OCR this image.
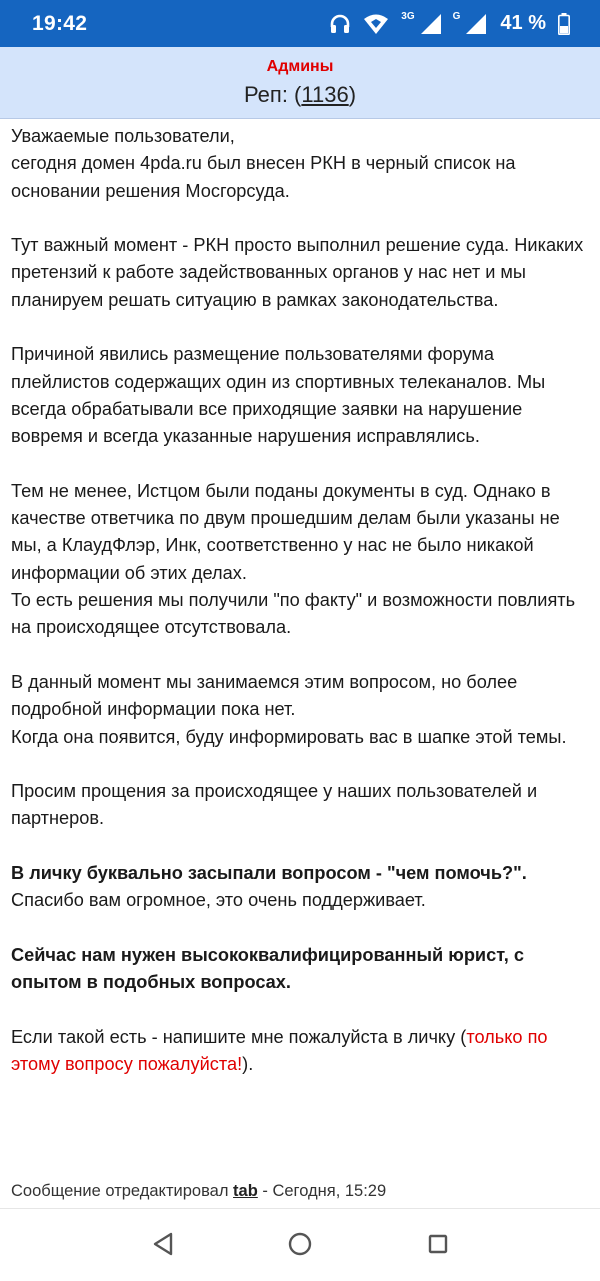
19:42	3G	G 41 %
Админы
Реп: (1136)

Уважаемые пользователи,
сегодня домен 4pda.ru был внесен РКН в черный список на основании решения Мосгорсуда.

Тут важный момент - РКН просто выполнил решение суда. Никаких претензий к работе задействованных органов у нас нет и мы планируем решать ситуацию в рамках законодательства.

Причиной явились размещение пользователями форума плейлистов содержащих один из спортивных телеканалов. Мы всегда обрабатывали все приходящие заявки на нарушение вовремя и всегда указанные нарушения исправлялись.

Тем не менее, Истцом были поданы документы в суд. Однако в качестве ответчика по двум прошедшим делам были указаны не мы, а КлаудФлэр, Инк, соответственно у нас не было никакой информации об этих делах.
То есть решения мы получили "по факту" и возможности повлиять на происходящее отсутствовала.

В данный момент мы занимаемся этим вопросом, но более подробной информации пока нет.
Когда она появится, буду информировать вас в шапке этой темы.

Просим прощения за происходящее у наших пользователей и партнеров.

В личку буквально засыпали вопросом - "чем помочь?".
Спасибо вам огромное, это очень поддерживает.

Сейчас нам нужен высококвалифицированный юрист, с опытом в подобных вопросах.

Если такой есть - напишите мне пожалуйста в личку (только по этому вопросу пожалуйста!).

Сообщение отредактировал tab - Сегодня, 15:29
